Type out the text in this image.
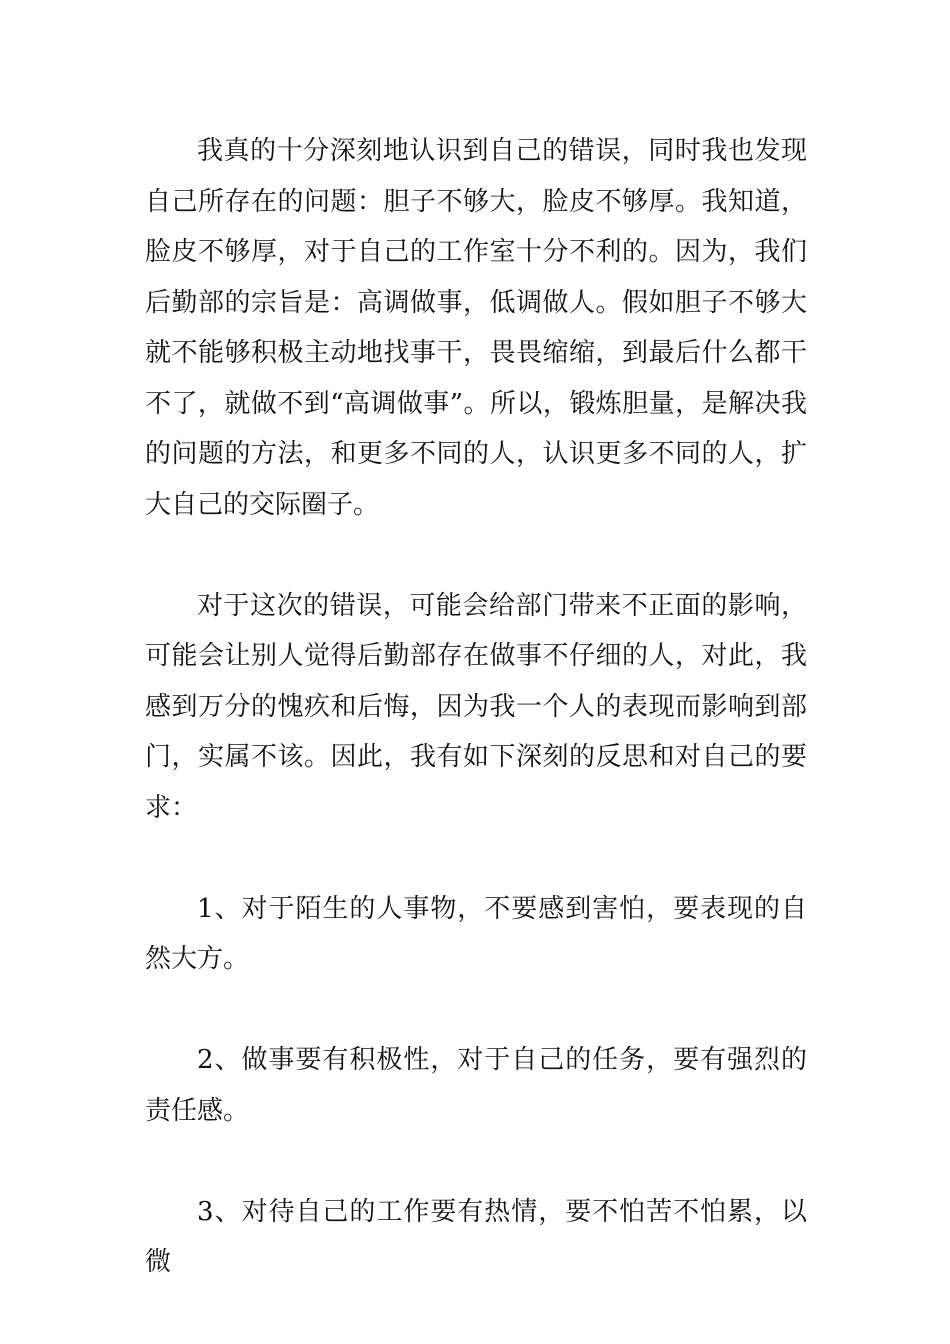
我真的十分深刻地认识到自己的错误，同时我也发现自己所存在的问题：胆子不够大，脸皮不够厚。我知道，脸皮不够厚，对于自己的工作室十分不利的。因为，我们后勤部的宗旨是：高调做事，低调做人。假如胆子不够大就不能够积极主动地找事干，畏畏缩缩，到最后什么都干不了，就做不到“高调做事”。所以，锻炼胆量，是解决我的问题的方法，和更多不同的人，认识更多不同的人，扩大自己的交际圈子。

对于这次的错误，可能会给部门带来不正面的影响，可能会让别人觉得后勤部存在做事不仔细的人，对此，我感到万分的愧疚和后悔，因为我一个人的表现而影响到部门，实属不该。因此，我有如下深刻的反思和对自己的要求：

1、对于陌生的人事物，不要感到害怕，要表现的自然大方。

2、做事要有积极性，对于自己的任务，要有强烈的责任感。

3、对待自己的工作要有热情，要不怕苦不怕累，以微
